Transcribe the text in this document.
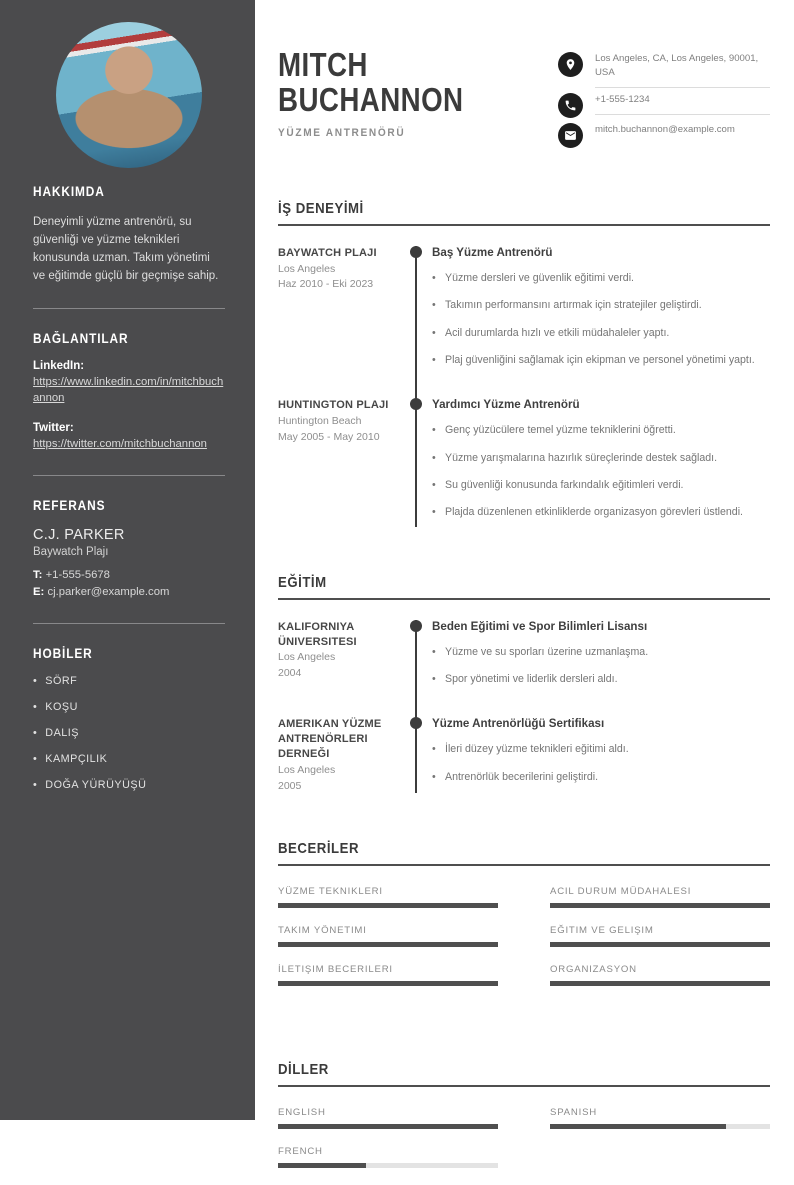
HAKKIMDA

Deneyimli yüzme antrenörü, su güvenliği ve yüzme teknikleri konusunda uzman. Takım yönetimi ve eğitimde güçlü bir geçmişe sahip.

BAĞLANTILAR
LinkedIn:
https://www.linkedin.com/in/mitchbuchannon
Twitter:
https://twitter.com/mitchbuchannon
REFERANS
C.J. PARKER
Baywatch Plajı
T: +1-555-5678
E: cj.parker@example.com
HOBİLER
• SÖRF
• KOŞU
• DALIŞ
• KAMPÇILIK
• DOĞA YÜRÜYÜŞÜ
MITCH
BUCHANNON
YÜZME ANTRENÖRÜ
Los Angeles, CA, Los Angeles, 90001, USA
+1-555-1234
mitch.buchannon@example.com
İŞ DENEYİMİ
BAYWATCH PLAJI
Los Angeles
Haz 2010 - Eki 2023
Baş Yüzme Antrenörü
• Yüzme dersleri ve güvenlik eğitimi verdi.
• Takımın performansını artırmak için stratejiler geliştirdi.
• Acil durumlarda hızlı ve etkili müdahaleler yaptı.
• Plaj güvenliğini sağlamak için ekipman ve personel yönetimi yaptı.
HUNTINGTON PLAJI
Huntington Beach
May 2005 - May 2010
Yardımcı Yüzme Antrenörü
• Genç yüzücülere temel yüzme tekniklerini öğretti.
• Yüzme yarışmalarına hazırlık süreçlerinde destek sağladı.
• Su güvenliği konusunda farkındalık eğitimleri verdi.
• Plajda düzenlenen etkinliklerde organizasyon görevleri üstlendi.
EĞİTİM
KALIFORNIYA ÜNIVERSITESI
Los Angeles
2004
Beden Eğitimi ve Spor Bilimleri Lisansı
• Yüzme ve su sporları üzerine uzmanlaşma.
• Spor yönetimi ve liderlik dersleri aldı.
AMERIKAN YÜZME ANTRENÖRLERI DERNEĞI
Los Angeles
2005
Yüzme Antrenörlüğü Sertifikası
• İleri düzey yüzme teknikleri eğitimi aldı.
• Antrenörlük becerilerini geliştirdi.
BECERİLER
YÜZME TEKNIKLERI
TAKIM YÖNETIMI
İLETIŞIM BECERILERI
ACIL DURUM MÜDAHALESI
EĞITIM VE GELIŞIM
ORGANIZASYON
DİLLER
ENGLISH
FRENCH
SPANISH
